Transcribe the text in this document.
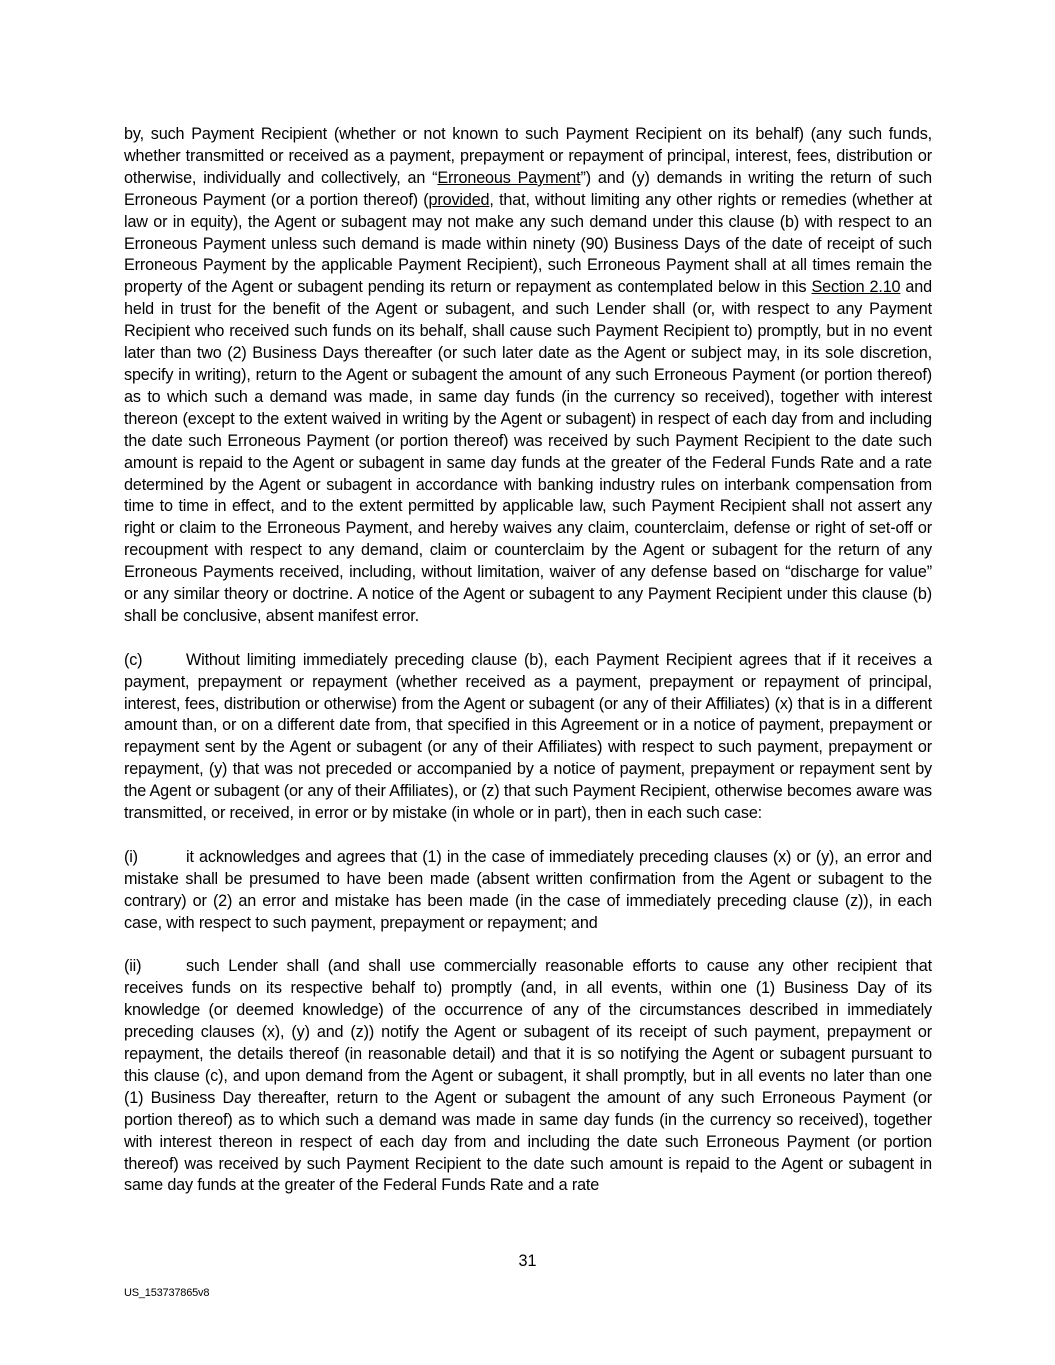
by, such Payment Recipient (whether or not known to such Payment Recipient on its behalf) (any such funds, whether transmitted or received as a payment, prepayment or repayment of principal, interest, fees, distribution or otherwise, individually and collectively, an “Erroneous Payment”) and (y) demands in writing the return of such Erroneous Payment (or a portion thereof) (provided, that, without limiting any other rights or remedies (whether at law or in equity), the Agent or subagent may not make any such demand under this clause (b) with respect to an Erroneous Payment unless such demand is made within ninety (90) Business Days of the date of receipt of such Erroneous Payment by the applicable Payment Recipient), such Erroneous Payment shall at all times remain the property of the Agent or subagent pending its return or repayment as contemplated below in this Section 2.10 and held in trust for the benefit of the Agent or subagent, and such Lender shall (or, with respect to any Payment Recipient who received such funds on its behalf, shall cause such Payment Recipient to) promptly, but in no event later than two (2) Business Days thereafter (or such later date as the Agent or subject may, in its sole discretion, specify in writing), return to the Agent or subagent the amount of any such Erroneous Payment (or portion thereof) as to which such a demand was made, in same day funds (in the currency so received), together with interest thereon (except to the extent waived in writing by the Agent or subagent) in respect of each day from and including the date such Erroneous Payment (or portion thereof) was received by such Payment Recipient to the date such amount is repaid to the Agent or subagent in same day funds at the greater of the Federal Funds Rate and a rate determined by the Agent or subagent in accordance with banking industry rules on interbank compensation from time to time in effect, and to the extent permitted by applicable law, such Payment Recipient shall not assert any right or claim to the Erroneous Payment, and hereby waives any claim, counterclaim, defense or right of set-off or recoupment with respect to any demand, claim or counterclaim by the Agent or subagent for the return of any Erroneous Payments received, including, without limitation, waiver of any defense based on “discharge for value” or any similar theory or doctrine. A notice of the Agent or subagent to any Payment Recipient under this clause (b) shall be conclusive, absent manifest error.

(c)	Without limiting immediately preceding clause (b), each Payment Recipient agrees that if it receives a payment, prepayment or repayment (whether received as a payment, prepayment or repayment of principal, interest, fees, distribution or otherwise) from the Agent or subagent (or any of their Affiliates) (x) that is in a different amount than, or on a different date from, that specified in this Agreement or in a notice of payment, prepayment or repayment sent by the Agent or subagent (or any of their Affiliates) with respect to such payment, prepayment or repayment, (y) that was not preceded or accompanied by a notice of payment, prepayment or repayment sent by the Agent or subagent (or any of their Affiliates), or (z) that such Payment Recipient, otherwise becomes aware was transmitted, or received, in error or by mistake (in whole or in part), then in each such case:

(i)	it acknowledges and agrees that (1) in the case of immediately preceding clauses (x) or (y), an error and mistake shall be presumed to have been made (absent written confirmation from the Agent or subagent to the contrary) or (2) an error and mistake has been made (in the case of immediately preceding clause (z)), in each case, with respect to such payment, prepayment or repayment; and

(ii)	such Lender shall (and shall use commercially reasonable efforts to cause any other recipient that receives funds on its respective behalf to) promptly (and, in all events, within one (1) Business Day of its knowledge (or deemed knowledge) of the occurrence of any of the circumstances described in immediately preceding clauses (x), (y) and (z)) notify the Agent or subagent of its receipt of such payment, prepayment or repayment, the details thereof (in reasonable detail) and that it is so notifying the Agent or subagent pursuant to this clause (c), and upon demand from the Agent or subagent, it shall promptly, but in all events no later than one (1) Business Day thereafter, return to the Agent or subagent the amount of any such Erroneous Payment (or portion thereof) as to which such a demand was made in same day funds (in the currency so received), together with interest thereon in respect of each day from and including the date such Erroneous Payment (or portion thereof) was received by such Payment Recipient to the date such amount is repaid to the Agent or subagent in same day funds at the greater of the Federal Funds Rate and a rate

31
US_153737865v8
